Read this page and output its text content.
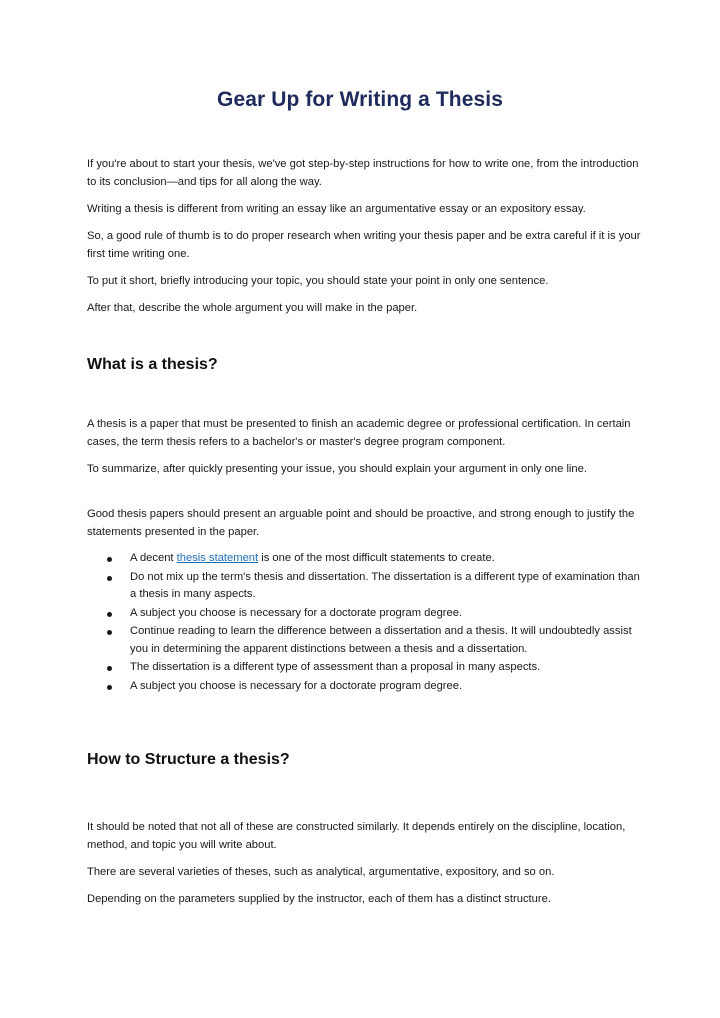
Gear Up for Writing a Thesis

If you're about to start your thesis, we've got step-by-step instructions for how to write one, from the introduction to its conclusion—and tips for all along the way.

Writing a thesis is different from writing an essay like an argumentative essay or an expository essay.

So, a good rule of thumb is to do proper research when writing your thesis paper and be extra careful if it is your first time writing one.

To put it short, briefly introducing your topic, you should state your point in only one sentence.

After that, describe the whole argument you will make in the paper.

What is a thesis?

A thesis is a paper that must be presented to finish an academic degree or professional certification. In certain cases, the term thesis refers to a bachelor's or master's degree program component.

To summarize, after quickly presenting your issue, you should explain your argument in only one line.

Good thesis papers should present an arguable point and should be proactive, and strong enough to justify the statements presented in the paper.

A decent thesis statement is one of the most difficult statements to create.
Do not mix up the term's thesis and dissertation. The dissertation is a different type of examination than a thesis in many aspects.
A subject you choose is necessary for a doctorate program degree.
Continue reading to learn the difference between a dissertation and a thesis. It will undoubtedly assist you in determining the apparent distinctions between a thesis and a dissertation.
The dissertation is a different type of assessment than a proposal in many aspects.
A subject you choose is necessary for a doctorate program degree.
How to Structure a thesis?

It should be noted that not all of these are constructed similarly. It depends entirely on the discipline, location, method, and topic you will write about.

There are several varieties of theses, such as analytical, argumentative, expository, and so on.

Depending on the parameters supplied by the instructor, each of them has a distinct structure.
